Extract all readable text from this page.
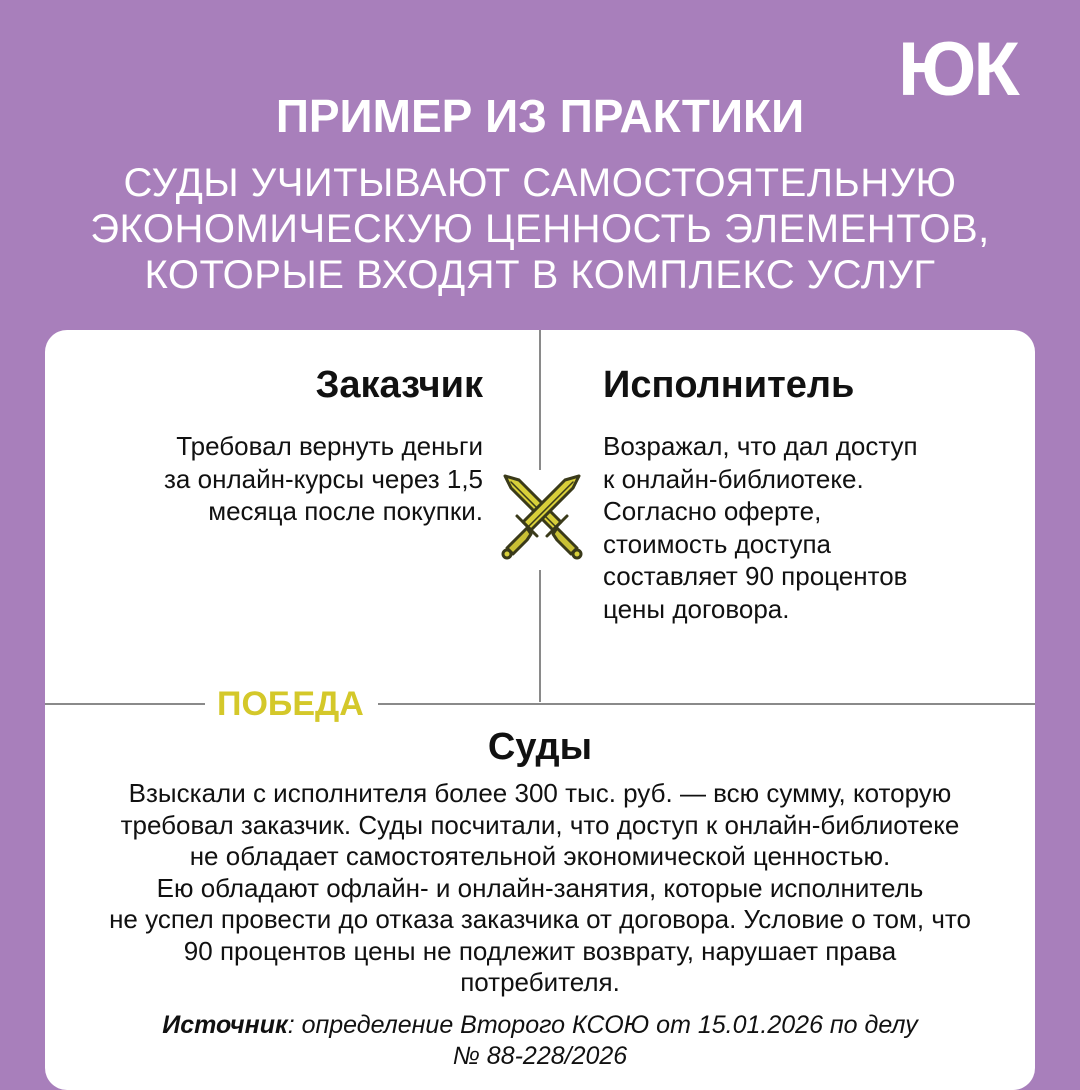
ЮК
ПРИМЕР ИЗ ПРАКТИКИ
СУДЫ УЧИТЫВАЮТ САМОСТОЯТЕЛЬНУЮ
ЭКОНОМИЧЕСКУЮ ЦЕННОСТЬ ЭЛЕМЕНТОВ,
КОТОРЫЕ ВХОДЯТ В КОМПЛЕКС УСЛУГ
Заказчик
Требовал вернуть деньги
за онлайн-курсы через 1,5
месяца после покупки.
Исполнитель
Возражал, что дал доступ
к онлайн-библиотеке.
Согласно оферте,
стоимость доступа
составляет 90 процентов
цены договора.
ПОБЕДА
Суды
Взыскали с исполнителя более 300 тыс. руб. — всю сумму, которую
требовал заказчик. Суды посчитали, что доступ к онлайн-библиотеке
не обладает самостоятельной экономической ценностью.
Ею обладают офлайн- и онлайн-занятия, которые исполнитель
не успел провести до отказа заказчика от договора. Условие о том, что
90 процентов цены не подлежит возврату, нарушает права
потребителя.
Источник: определение Второго КСОЮ от 15.01.2026 по делу
№ 88-228/2026
